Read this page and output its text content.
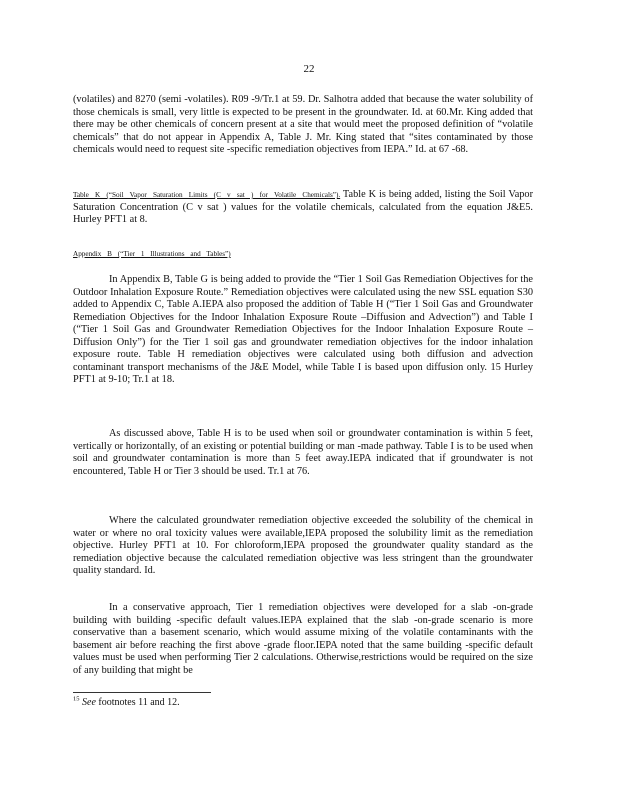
22

(volatiles) and 8270 (semi -volatiles). R09 -9/Tr.1 at 59. Dr. Salhotra added that because the water solubility of those chemicals is small, very little is expected to be present in the groundwater. Id. at 60.Mr. King added that there may be other chemicals of concern present at a site that would meet the proposed definition of “volatile chemicals” that do not appear in Appendix A, Table J. Mr. King stated that “sites contaminated by those chemicals would need to request site -specific remediation objectives from IEPA.” Id. at 67 -68.

Table K (“Soil Vapor Saturation Limits (C v sat ) for Volatile Chemicals”). Table K is being added, listing the Soil Vapor Saturation Concentration (C v sat ) values for the volatile chemicals, calculated from the equation J&E5. Hurley PFT1 at 8.
Appendix B (“Tier 1 Illustrations and Tables”)

In Appendix B, Table G is being added to provide the “Tier 1 Soil Gas Remediation Objectives for the Outdoor Inhalation Exposure Route.” Remediation objectives were calculated using the new SSL equation S30 added to Appendix C, Table A.IEPA also proposed the addition of Table H (“Tier 1 Soil Gas and Groundwater Remediation Objectives for the Indoor Inhalation Exposure Route –Diffusion and Advection”) and Table I (“Tier 1 Soil Gas and Groundwater Remediation Objectives for the Indoor Inhalation Exposure Route –Diffusion Only”) for the Tier 1 soil gas and groundwater remediation objectives for the indoor inhalation exposure route. Table H remediation objectives were calculated using both diffusion and advection contaminant transport mechanisms of the J&E Model, while Table I is based upon diffusion only. 15 Hurley PFT1 at 9-10; Tr.1 at 18.

As discussed above, Table H is to be used when soil or groundwater contamination is within 5 feet, vertically or horizontally, of an existing or potential building or man -made pathway. Table I is to be used when soil and groundwater contamination is more than 5 feet away.IEPA indicated that if groundwater is not encountered, Table H or Tier 3 should be used. Tr.1 at 76.

Where the calculated groundwater remediation objective exceeded the solubility of the chemical in water or where no oral toxicity values were available,IEPA proposed the solubility limit as the remediation objective. Hurley PFT1 at 10. For chloroform,IEPA proposed the groundwater quality standard as the remediation objective because the calculated remediation objective was less stringent than the groundwater quality standard. Id.

In a conservative approach, Tier 1 remediation objectives were developed for a slab -on-grade building with building -specific default values.IEPA explained that the slab -on-grade scenario is more conservative than a basement scenario, which would assume mixing of the volatile contaminants with the basement air before reaching the first above -grade floor.IEPA noted that the same building -specific default values must be used when performing Tier 2 calculations. Otherwise,restrictions would be required on the size of any building that might be

$^{15}$ See footnotes 11 and 12.
